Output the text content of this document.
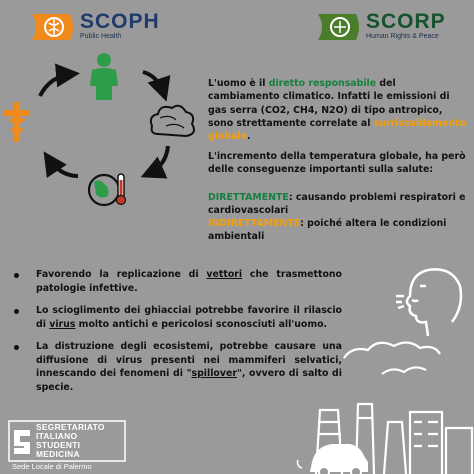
SCOPH
Public Health
SCORP
Human Rights & Peace
L'uomo è il diretto responsabile del cambiamento climatico. Infatti le emissioni di gas serra (CO2, CH4, N2O) di tipo antropico, sono strettamente correlate al surriscaldamento globale.
L'incremento della temperatura globale, ha però delle conseguenze importanti sulla salute:
DIRETTAMENTE: causando problemi respiratori e cardiovascolari
INDIRETTAMENTE: poiché altera le condizioni ambientali
Favorendo la replicazione di vettori che trasmettono patologie infettive.
Lo scioglimento dei ghiacciai potrebbe favorire il rilascio di virus molto antichi e pericolosi sconosciuti all'uomo.
La distruzione degli ecosistemi, potrebbe causare una diffusione di virus presenti nei mammiferi selvatici, innescando dei fenomeni di "spillover", ovvero di salto di specie.
SEGRETARIATO
ITALIANO
STUDENTI
MEDICINA
Sede Locale di Palermo
